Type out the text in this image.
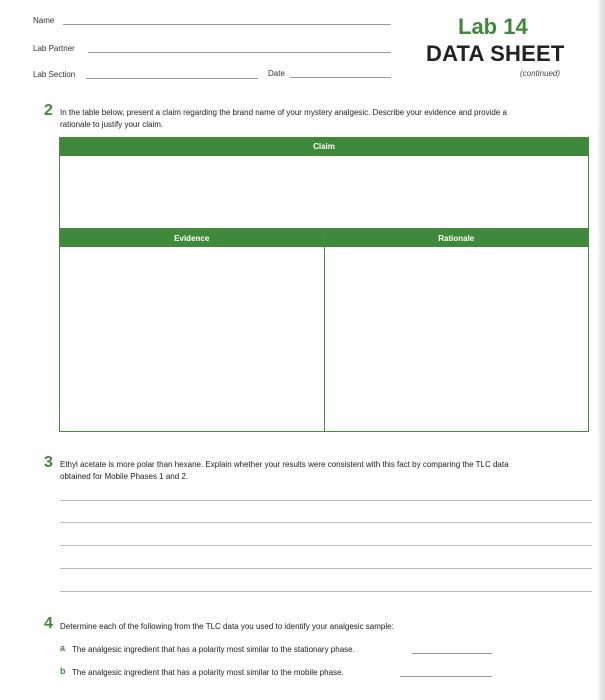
Name
Lab Partner
Lab Section	Date
Lab 14
DATA SHEET
(continued)
2 In the table below, present a claim regarding the brand name of your mystery analgesic. Describe your evidence and provide a
rationale to justify your claim.
Claim
Evidence	Rationale
3 Ethyl acetate is more polar than hexane. Explain whether your results were consistent with this fact by comparing the TLC data
obtained for Mobile Phases 1 and 2.
4 Determine each of the following from the TLC data you used to identify your analgesic sample:
a The analgesic ingredient that has a polarity most similar to the stationary phase.
b The analgesic ingredient that has a polarity most similar to the mobile phase.
